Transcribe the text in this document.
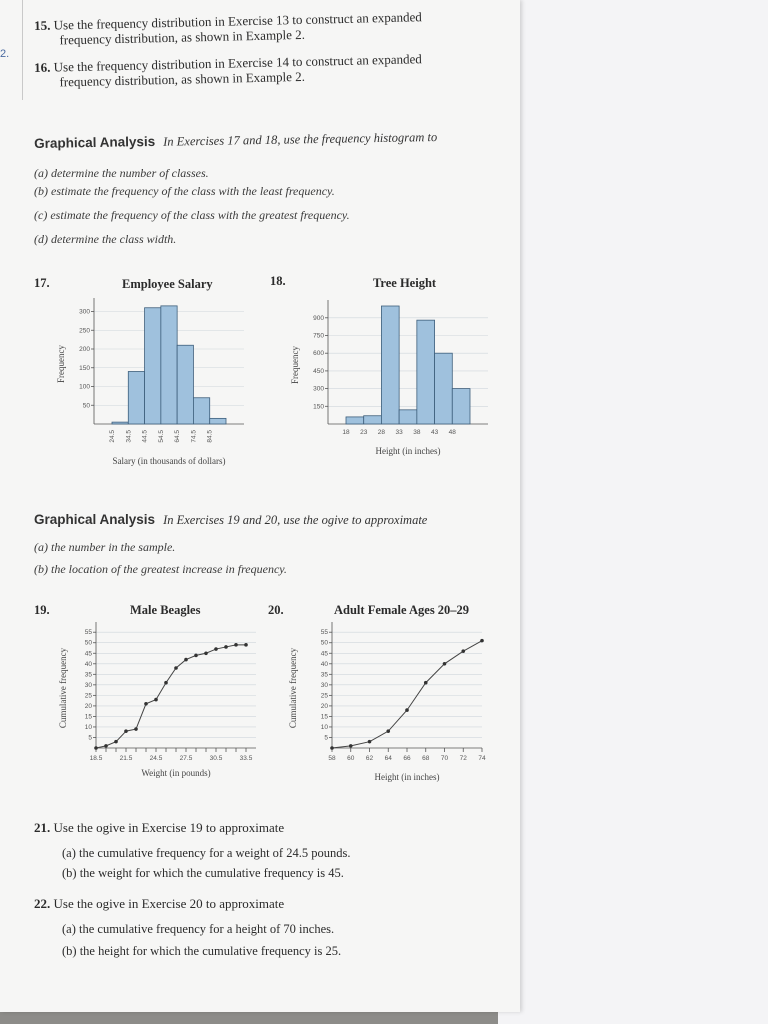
2.
15. Use the frequency distribution in Exercise 13 to construct an expanded
frequency distribution, as shown in Example 2.
16. Use the frequency distribution in Exercise 14 to construct an expanded
frequency distribution, as shown in Example 2.
Graphical Analysis In Exercises 17 and 18, use the frequency histogram to
(a) determine the number of classes.
(b) estimate the frequency of the class with the least frequency.
(c) estimate the frequency of the class with the greatest frequency.
(d) determine the class width.
17.	Employee Salary
50
100
150
200
250
300
24.5 34.5 44.5 54.5 64.5 74.5 84.5
Salary (in thousands of dollars)
Frequency
18.	Tree Height
150
300
450
600
750
900
18 23 28 33 38 43 48
Height (in inches)
Frequency
Graphical Analysis In Exercises 19 and 20, use the ogive to approximate
(a) the number in the sample.
(b) the location of the greatest increase in frequency.
19.	Male Beagles
5
10
15
20
25
30
35
40
45
50
55
18.5	21.5	24.5	27.5	30.5	33.5
Weight (in pounds)
Cumulative frequency
20.	Adult Female Ages 20–29
5
10
15
20
25
30
35
40
45
50
55
58 60 62 64 66 68 70 72 74
Height (in inches)
Cumulative frequency
21. Use the ogive in Exercise 19 to approximate
(a) the cumulative frequency for a weight of 24.5 pounds.
(b) the weight for which the cumulative frequency is 45.
22. Use the ogive in Exercise 20 to approximate
(a) the cumulative frequency for a height of 70 inches.
(b) the height for which the cumulative frequency is 25.
